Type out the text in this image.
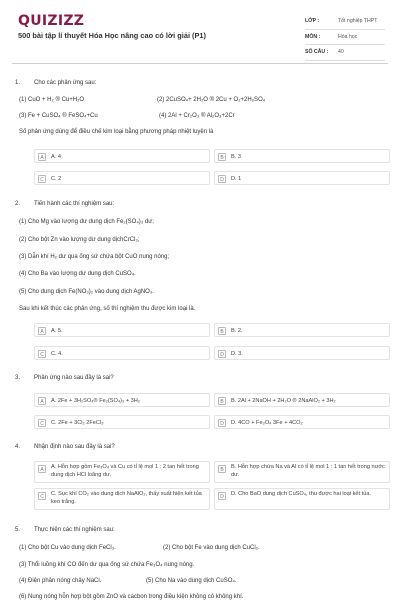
QUIZIZZ
500 bài tập lí thuyết Hóa Học nâng cao có lời giải (P1)
LỚP :	Tốt nghiệp THPT
MÔN :	Hóa học
SỐ CÂU :	40
1. Cho các phản ứng sau:
(1) CuO + H₂ ® Cu+H₂O	(2) 2CuSO₄+ 2H₂O ® 2Cu + O₂+2H₂SO₄
(3) Fe + CuSO₄ ® FeSO₄+Cu	(4) 2Al + Cr₂O₃ ® Al₂O₃+2Cr
Số phản ứng dùng để điều chế kim loại bằng phương pháp nhiệt luyện là
A	A. 4	B	B. 3
C	C. 2	D	D. 1
2. Tiến hành các thí nghiệm sau:
(1) Cho Mg vào lượng dư dung dịch Fe₂(SO₄)₃ dư;
(2) Cho bột Zn vào lượng dư dung dịchCrCl₃;
(3) Dẫn khí H₂ dư qua ống sứ chứa bột CuO nung nóng;
(4) Cho Ba vào lượng dư dung dịch CuSO₄.
(5) Cho dung dịch Fe(NO₃)₂ vào dung dịch AgNO₃.
Sau khi kết thúc các phản ứng, số thí nghiệm thu được kim loại là.
A	A. 5.	B	B. 2.
C	C. 4.	D	D. 3.
3. Phản ứng nào sau đây là sai?
A	A. 2Fe + 3H₂SO₄® Fe₂(SO₄)₃ + 3H₂	B	B. 2Al + 2NaOH + 2H₂O ® 2NaAlO₂ + 3H₂
C	C. 2Fe + 3Cl₂ 2FeCl₃	D	D. 4CO + Fe₃O₄ 3Fe + 4CO₂
4. Nhận định nào sau đây là sai?
A	A. Hỗn hợp gồm Fe₃O₄ và Cu có tỉ lệ mol 1 : 2 tan hết trong dung dịch HCl loãng dư.
B	B. Hỗn hợp chứa Na và Al có tỉ lệ mol 1 : 1 tan hết trong nước dư.
C	C. Sục khí CO₂ vào dung dịch NaAlO₂, thấy xuất hiện kết tủa keo trắng.
D	D. Cho BaO dung dịch CuSO₄, thu được hai loại kết tủa.
5. Thực hiện các thí nghiệm sau:
(1) Cho bột Cu vào dung dịch FeCl₃.	(2) Cho bột Fe vào dung dịch CuCl₂.
(3) Thổi luồng khí CO đến dư qua ống sứ chứa Fe₃O₄ nung nóng.
(4) Điện phân nóng chảy NaCl.	(5) Cho Na vào dung dịch CuSO₄.
(6) Nung nóng hỗn hợp bột gồm ZnO và cacbon trong điều kiện không có không khí.
